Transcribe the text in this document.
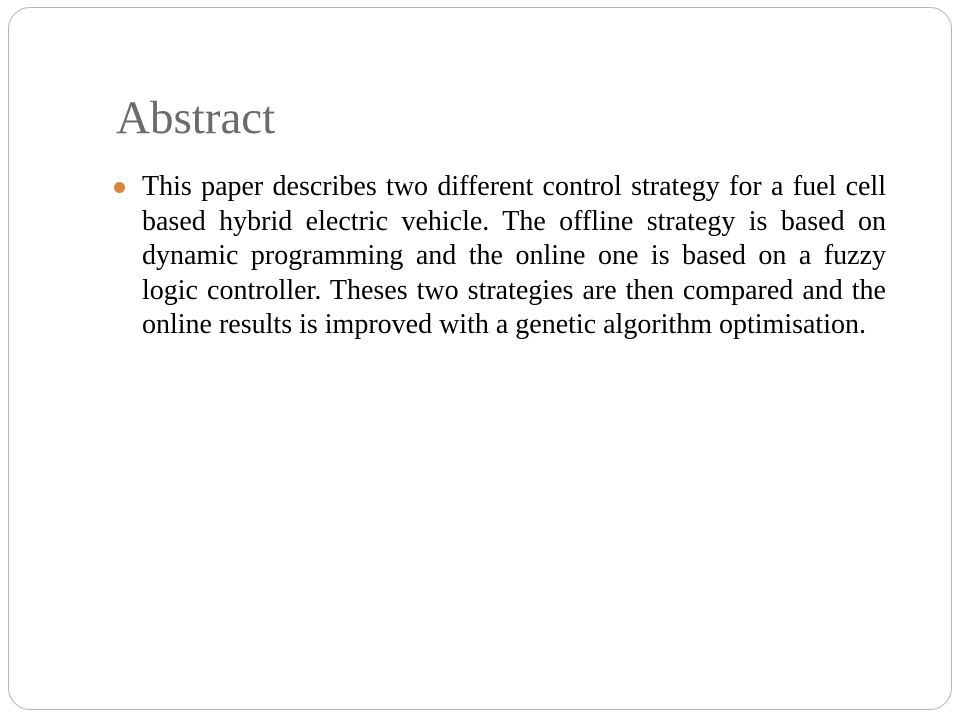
Abstract
This paper describes two different control strategy for a fuel cell based hybrid electric vehicle. The offline strategy is based on dynamic programming and the online one is based on a fuzzy logic controller. Theses two strategies are then compared and the online results is improved with a genetic algorithm optimisation.
